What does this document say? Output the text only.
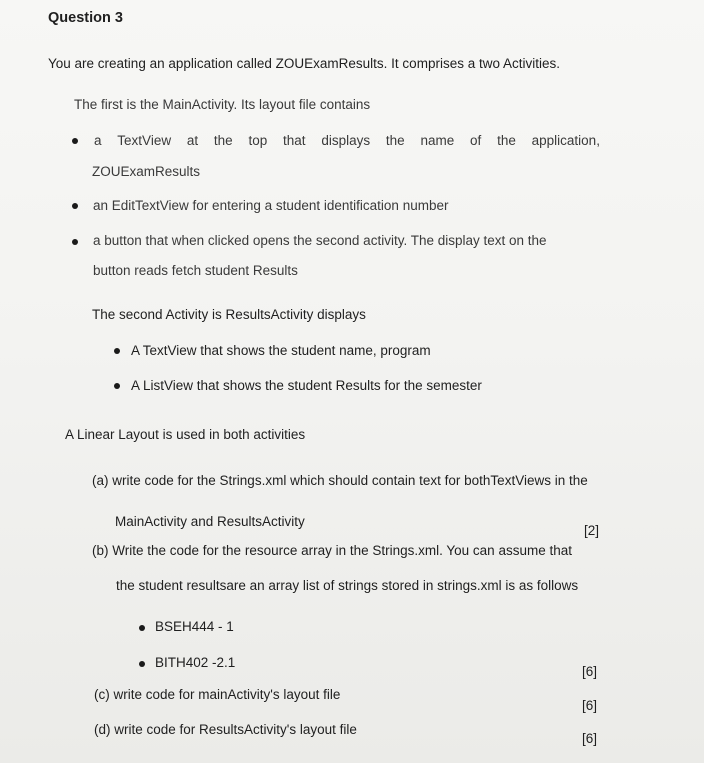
Question 3

You are creating an application called ZOUExamResults. It comprises a two Activities.

The first is the MainActivity. Its layout file contains

a TextView at the top that displays the name of the application,

ZOUExamResults

an EditTextView for entering a student identification number

a button that when clicked opens the second activity. The display text on the

button reads fetch student Results

The second Activity is ResultsActivity displays

A TextView that shows the student name, program

A ListView that shows the student Results for the semester

A Linear Layout is used in both activities

(a) write code for the Strings.xml which should contain text for bothTextViews in the

MainActivity and ResultsActivity

[2]

(b) Write the code for the resource array in the Strings.xml. You can assume that

the student resultsare an array list of strings stored in strings.xml is as follows

BSEH444 - 1

BITH402 -2.1

[6]

(c) write code for mainActivity's layout file

[6]

(d) write code for ResultsActivity's layout file

[6]
